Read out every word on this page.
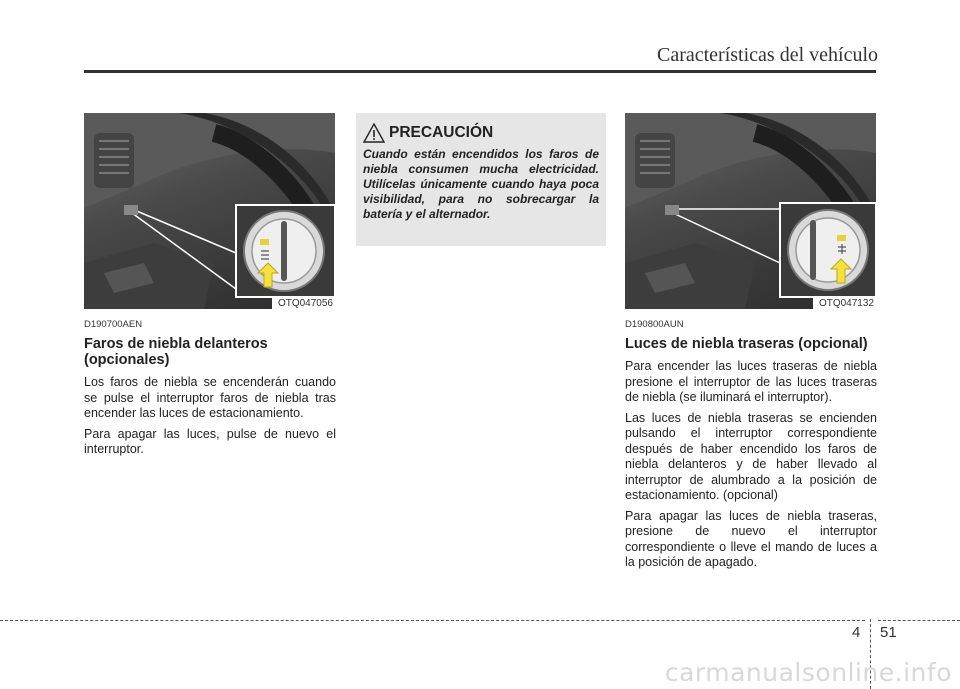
Características del vehículo
OTQ047056	OTQ047132
PRECAUCIÓN
Cuando están encendidos los faros de niebla consumen mucha electricidad. Utilícelas únicamente cuando haya poca visibilidad, para no sobrecargar la batería y el alternador.
D190700AEN
Faros de niebla delanteros (opcionales)

Los faros de niebla se encenderán cuando se pulse el interruptor faros de niebla tras encender las luces de estacionamiento.

Para apagar las luces, pulse de nuevo el interruptor.

D190800AUN
Luces de niebla traseras (opcional)

Para encender las luces traseras de niebla presione el interruptor de las luces traseras de niebla (se iluminará el interruptor).

Las luces de niebla traseras se encienden pulsando el interruptor correspondiente después de haber encendido los faros de niebla delanteros y de haber llevado al interruptor de alumbrado a la posición de estacionamiento. (opcional)

Para apagar las luces de niebla traseras, presione de nuevo el interruptor correspondiente o lleve el mando de luces a la posición de apagado.

4 51
carmanualsonline.info
